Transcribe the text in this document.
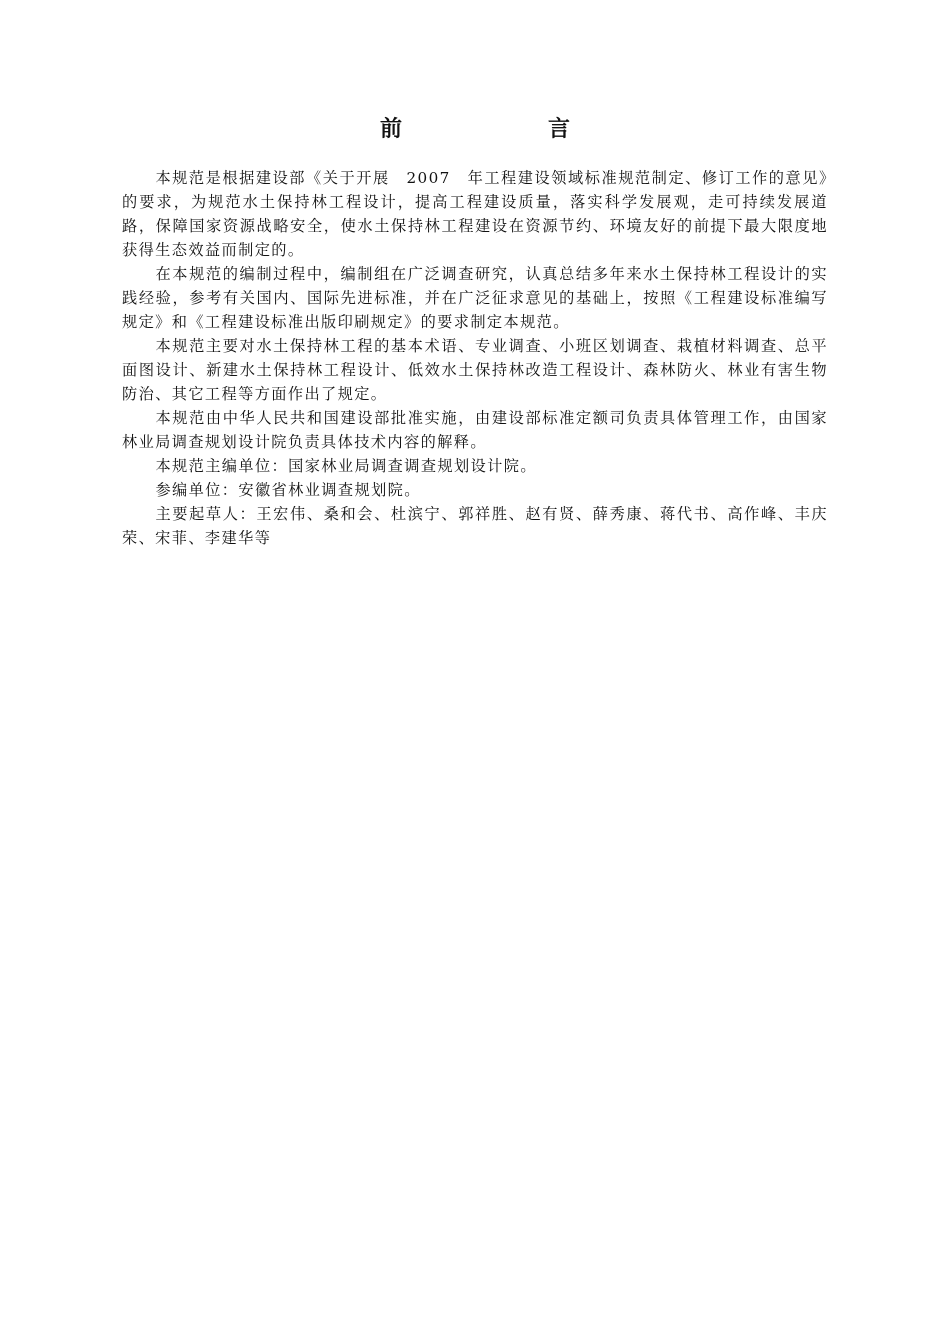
前　言

本规范是根据建设部《关于开展　2007　年工程建设领域标准规范制定、修订工作的意见》的要求，为规范水土保持林工程设计，提高工程建设质量，落实科学发展观，走可持续发展道路，保障国家资源战略安全，使水土保持林工程建设在资源节约、环境友好的前提下最大限度地获得生态效益而制定的。

在本规范的编制过程中，编制组在广泛调查研究，认真总结多年来水土保持林工程设计的实践经验，参考有关国内、国际先进标准，并在广泛征求意见的基础上，按照《工程建设标准编写规定》和《工程建设标准出版印刷规定》的要求制定本规范。

本规范主要对水土保持林工程的基本术语、专业调查、小班区划调查、栽植材料调查、总平面图设计、新建水土保持林工程设计、低效水土保持林改造工程设计、森林防火、林业有害生物防治、其它工程等方面作出了规定。

本规范由中华人民共和国建设部批准实施，由建设部标准定额司负责具体管理工作，由国家林业局调查规划设计院负责具体技术内容的解释。

本规范主编单位：国家林业局调查调查规划设计院。

参编单位：安徽省林业调查规划院。

主要起草人：王宏伟、桑和会、杜滨宁、郭祥胜、赵有贤、薛秀康、蒋代书、高作峰、丰庆荣、宋菲、李建华等
